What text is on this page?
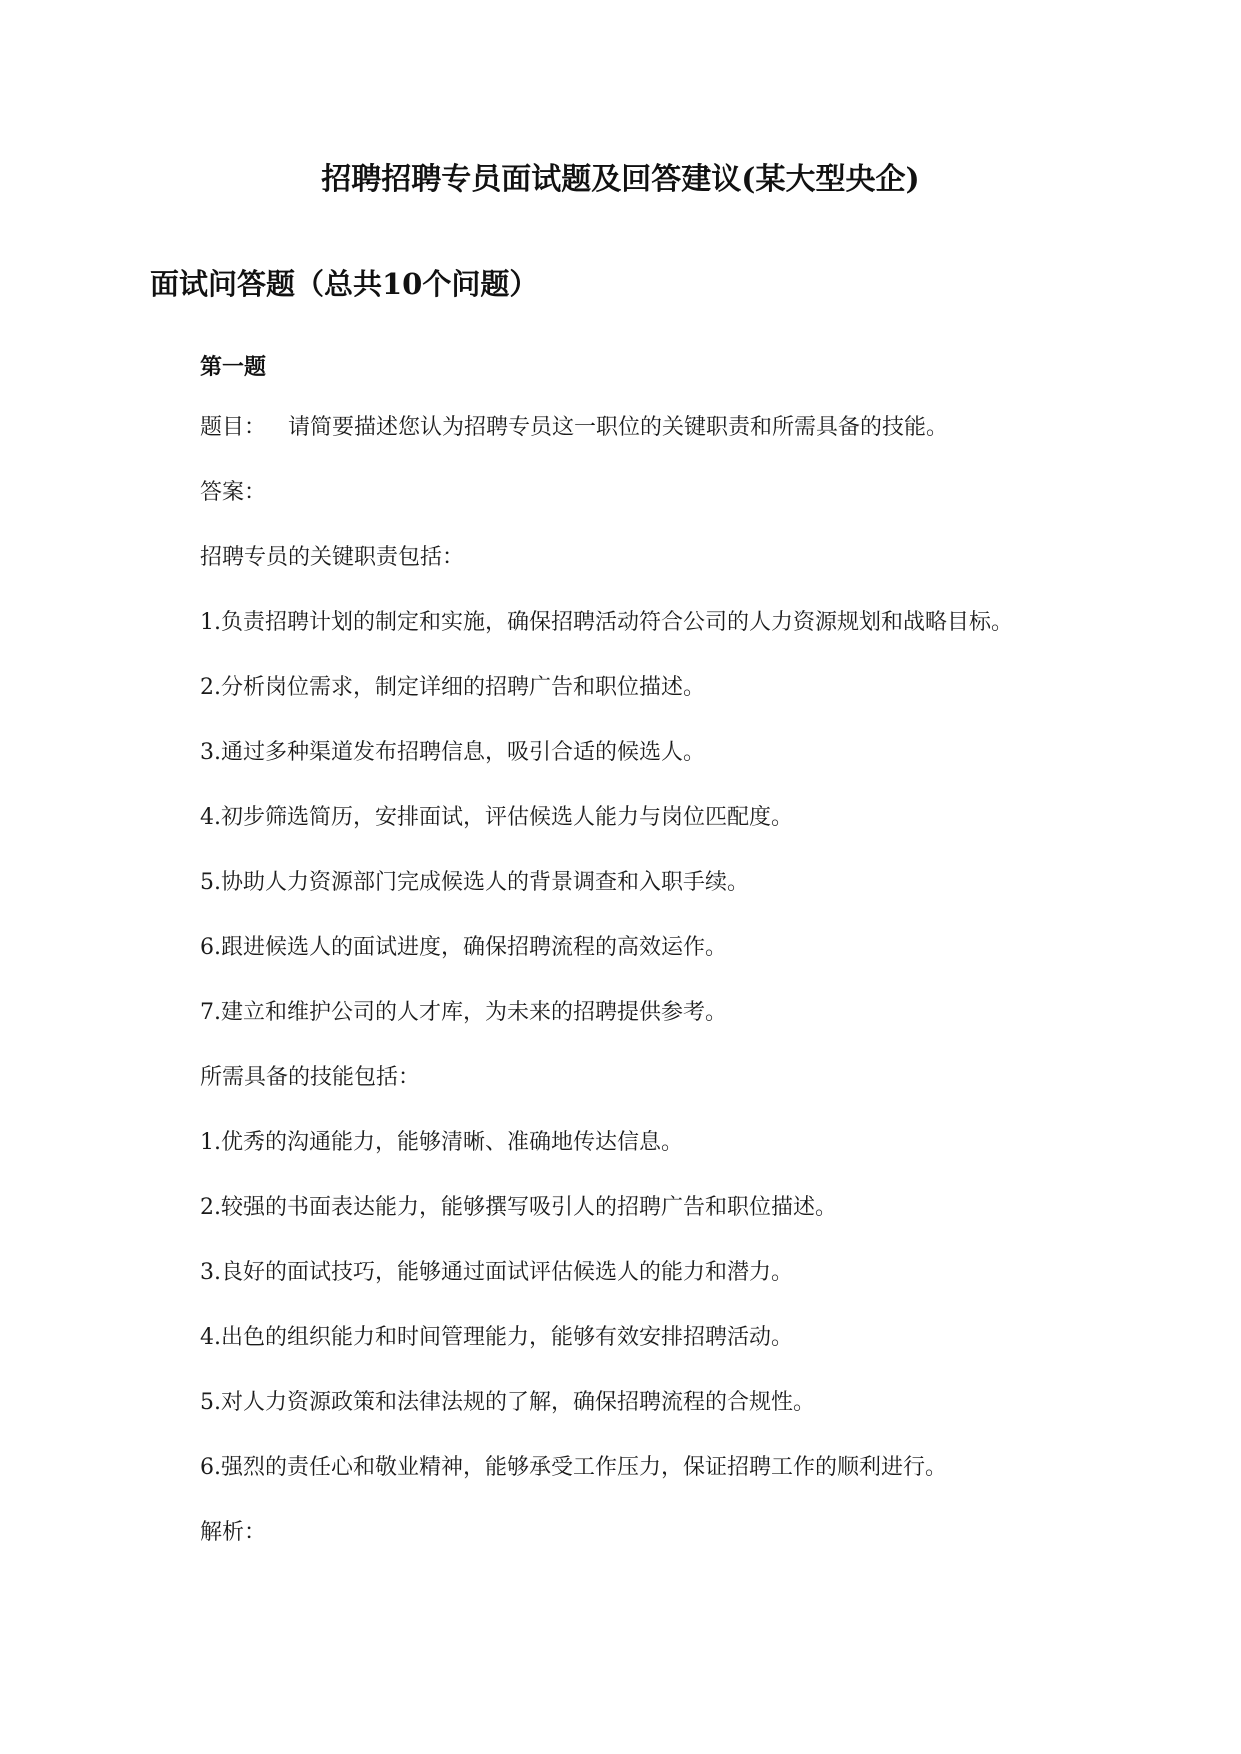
招聘招聘专员面试题及回答建议(某大型央企)
面试问答题（总共10个问题）
第一题
题目： 请简要描述您认为招聘专员这一职位的关键职责和所需具备的技能。
答案：
招聘专员的关键职责包括：
1.负责招聘计划的制定和实施，确保招聘活动符合公司的人力资源规划和战略目标。
2.分析岗位需求，制定详细的招聘广告和职位描述。
3.通过多种渠道发布招聘信息，吸引合适的候选人。
4.初步筛选简历，安排面试，评估候选人能力与岗位匹配度。
5.协助人力资源部门完成候选人的背景调查和入职手续。
6.跟进候选人的面试进度，确保招聘流程的高效运作。
7.建立和维护公司的人才库，为未来的招聘提供参考。
所需具备的技能包括：
1.优秀的沟通能力，能够清晰、准确地传达信息。
2.较强的书面表达能力，能够撰写吸引人的招聘广告和职位描述。
3.良好的面试技巧，能够通过面试评估候选人的能力和潜力。
4.出色的组织能力和时间管理能力，能够有效安排招聘活动。
5.对人力资源政策和法律法规的了解，确保招聘流程的合规性。
6.强烈的责任心和敬业精神，能够承受工作压力，保证招聘工作的顺利进行。
解析：
